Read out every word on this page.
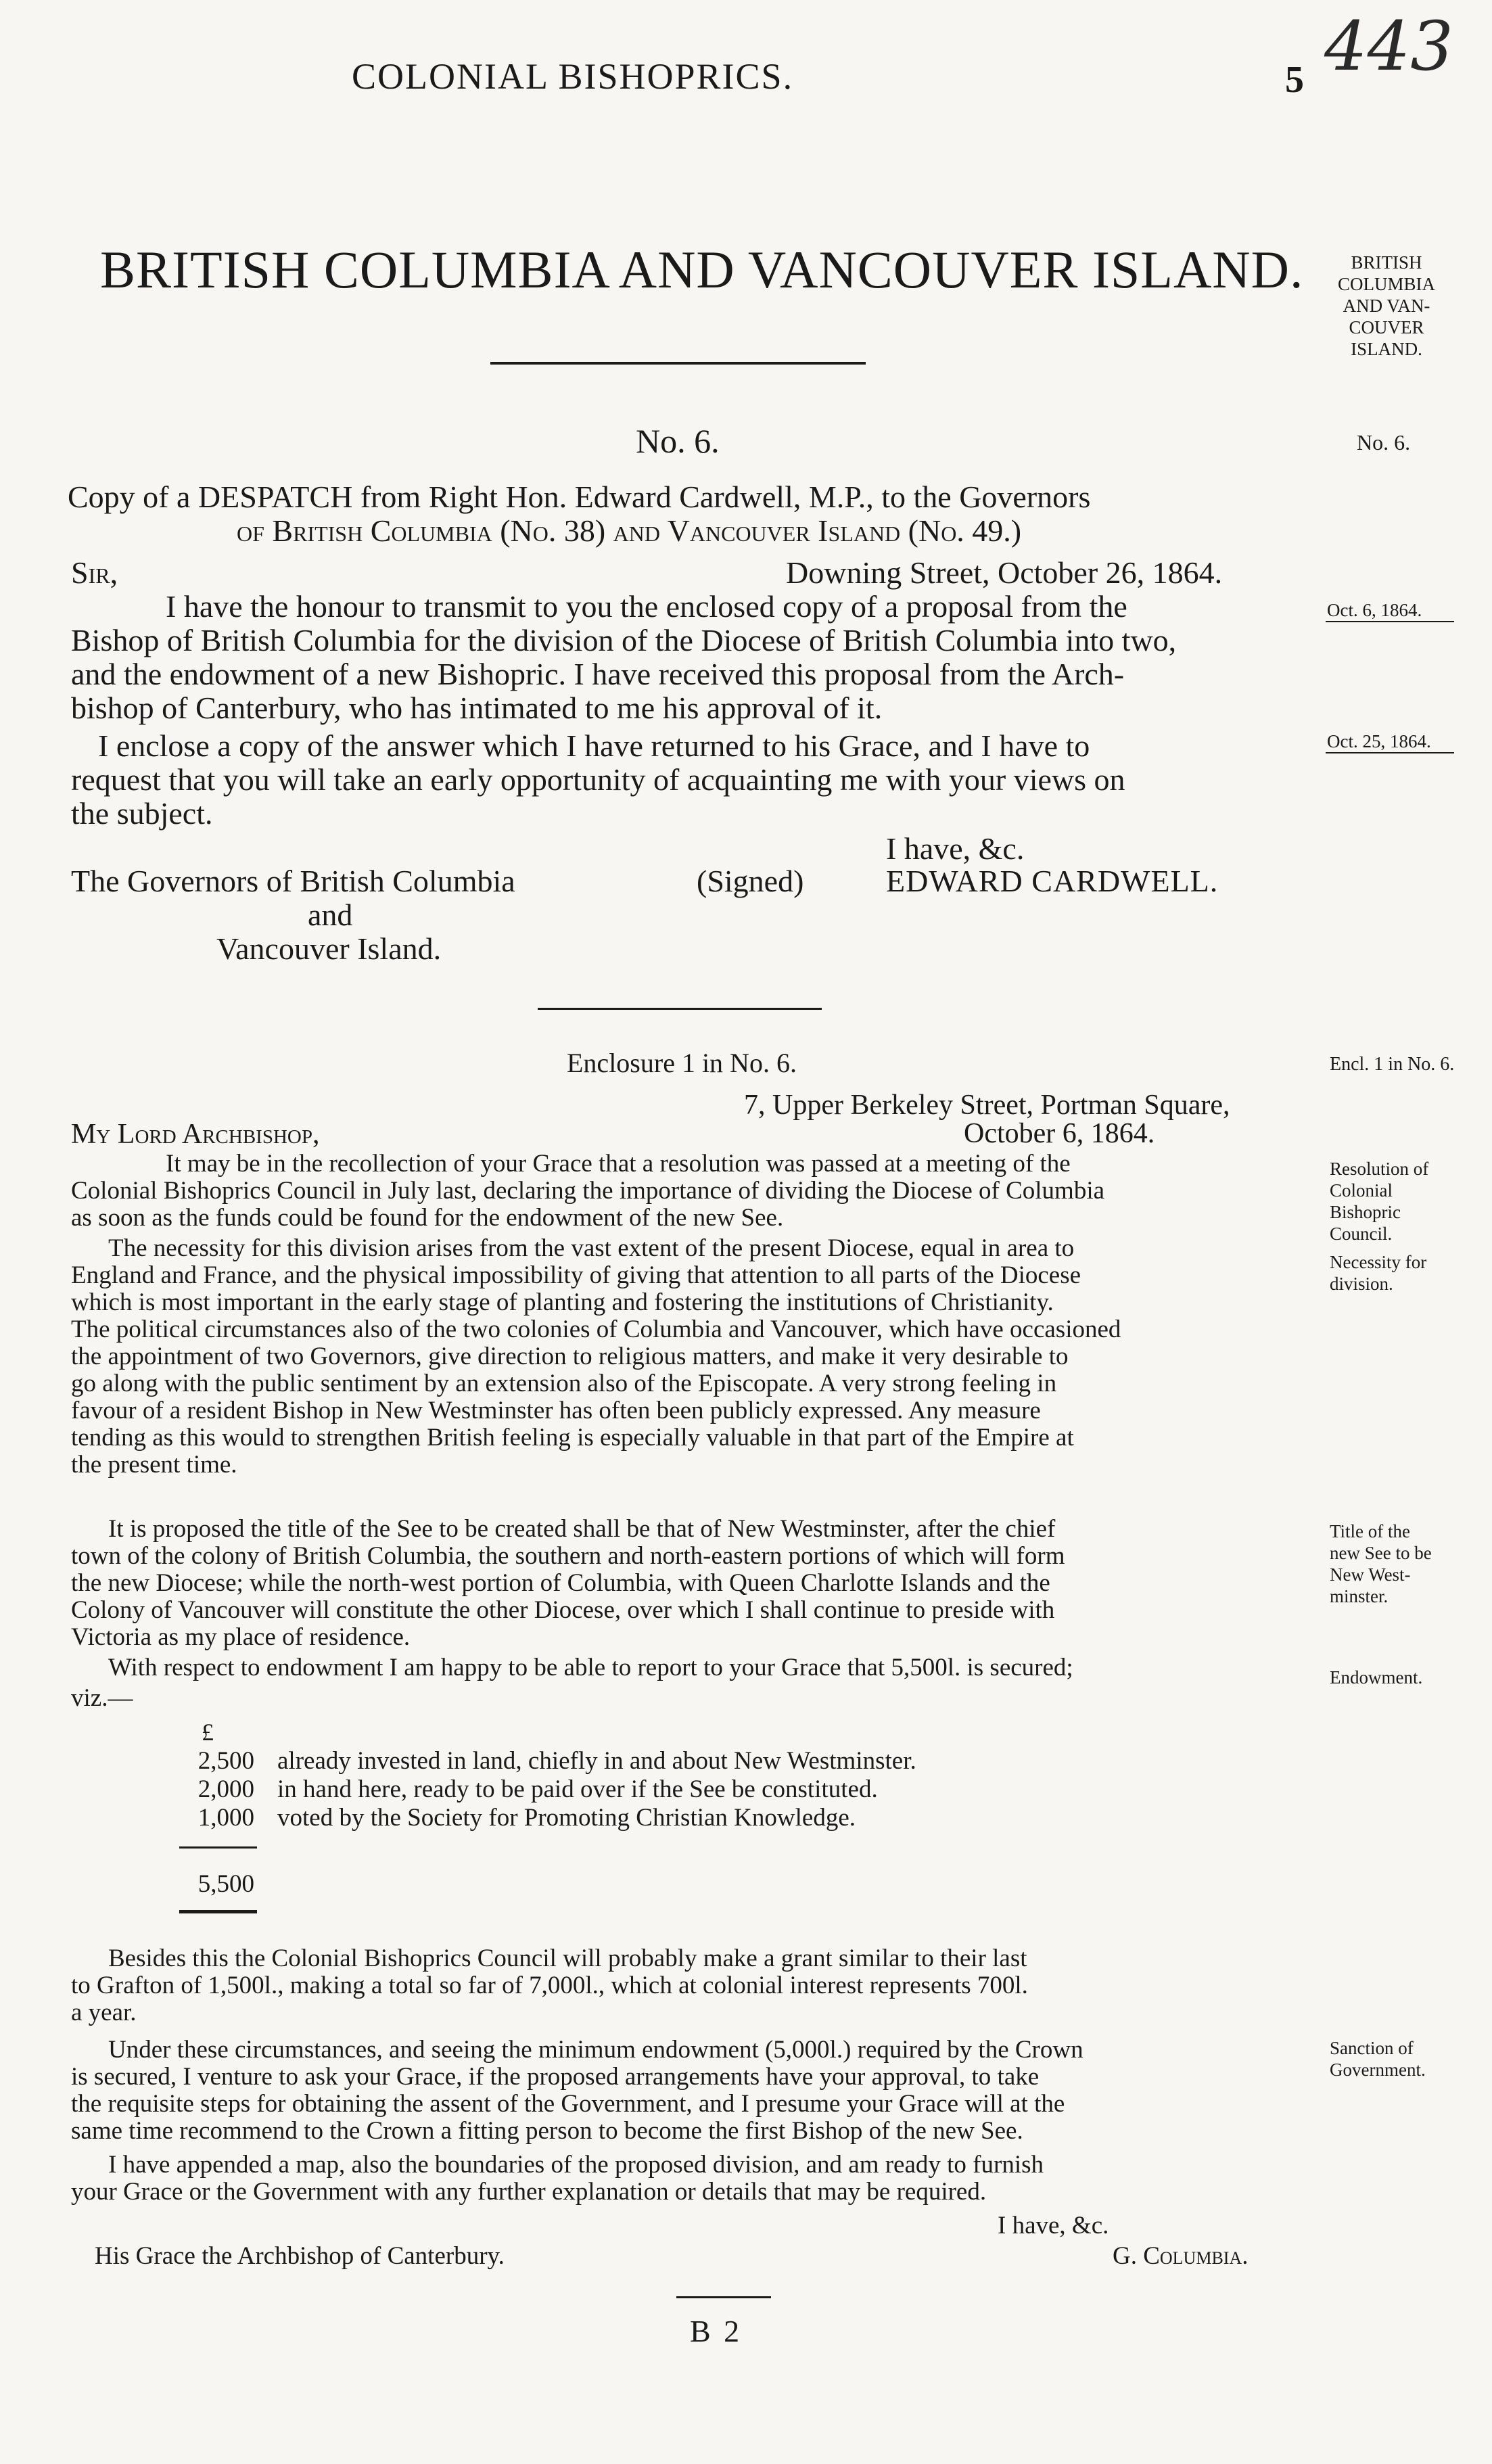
COLONIAL BISHOPRICS.	5 443
BRITISH COLUMBIA AND VANCOUVER ISLAND.	BRITISH
COLUMBIA
AND VAN-
COUVER
ISLAND.
No. 6.	No. 6.
Copy of a DESPATCH from Right Hon. Edward Cardwell, M.P., to the Governors
of British Columbia (No. 38) and Vancouver Island (No. 49.)
Sir,	Downing Street, October 26, 1864.
I have the honour to transmit to you the enclosed copy of a proposal from the
Bishop of British Columbia for the division of the Diocese of British Columbia into two,
and the endowment of a new Bishopric. I have received this proposal from the Arch-
bishop of Canterbury, who has intimated to me his approval of it.
Oct. 6, 1864.
I enclose a copy of the answer which I have returned to his Grace, and I have to
request that you will take an early opportunity of acquainting me with your views on
the subject.
Oct. 25, 1864.
I have, &c.
The Governors of British Columbia	(Signed)	EDWARD CARDWELL.
and
Vancouver Island.
Enclosure 1 in No. 6.	Encl. 1 in No. 6.
7, Upper Berkeley Street, Portman Square,
My Lord Archbishop,	October 6, 1864.
It may be in the recollection of your Grace that a resolution was passed at a meeting of the
Colonial Bishoprics Council in July last, declaring the importance of dividing the Diocese of Columbia
as soon as the funds could be found for the endowment of the new See.
Resolution of
Colonial
Bishopric
Council.
The necessity for this division arises from the vast extent of the present Diocese, equal in area to
England and France, and the physical impossibility of giving that attention to all parts of the Diocese
which is most important in the early stage of planting and fostering the institutions of Christianity.
The political circumstances also of the two colonies of Columbia and Vancouver, which have occasioned
the appointment of two Governors, give direction to religious matters, and make it very desirable to
go along with the public sentiment by an extension also of the Episcopate. A very strong feeling in
favour of a resident Bishop in New Westminster has often been publicly expressed. Any measure
tending as this would to strengthen British feeling is especially valuable in that part of the Empire at
the present time.
Necessity for
division.
It is proposed the title of the See to be created shall be that of New Westminster, after the chief
town of the colony of British Columbia, the southern and north-eastern portions of which will form
the new Diocese; while the north-west portion of Columbia, with Queen Charlotte Islands and the
Colony of Vancouver will constitute the other Diocese, over which I shall continue to preside with
Victoria as my place of residence.
Title of the
new See to be
New West-
minster.
With respect to endowment I am happy to be able to report to your Grace that 5,500l. is secured;
viz.—
Endowment.
£
2,500 already invested in land, chiefly in and about New Westminster.
2,000 in hand here, ready to be paid over if the See be constituted.
1,000 voted by the Society for Promoting Christian Knowledge.
5,500
Besides this the Colonial Bishoprics Council will probably make a grant similar to their last
to Grafton of 1,500l., making a total so far of 7,000l., which at colonial interest represents 700l.
a year.
Under these circumstances, and seeing the minimum endowment (5,000l.) required by the Crown
is secured, I venture to ask your Grace, if the proposed arrangements have your approval, to take
the requisite steps for obtaining the assent of the Government, and I presume your Grace will at the
same time recommend to the Crown a fitting person to become the first Bishop of the new See.
Sanction of
Government.
I have appended a map, also the boundaries of the proposed division, and am ready to furnish
your Grace or the Government with any further explanation or details that may be required.
I have, &c.
His Grace the Archbishop of Canterbury.	G. Columbia.
B 2
